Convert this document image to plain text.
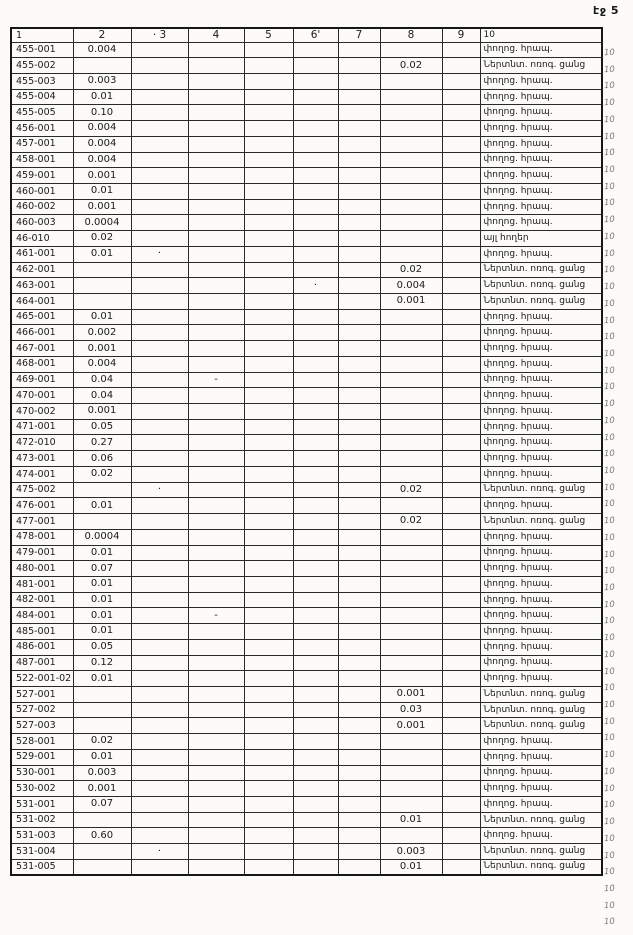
էջ 5
1	2	· 3	4	5	6'	7	8	9	10
455-001	0.004								փողոց. հրապ.
455-002							0.02		Ներտնտ. ոռոգ. ցանց
455-003	0.003								փողոց. հրապ.
455-004	0.01								փողոց. հրապ.
455-005	0.10								փողոց. հրապ.
456-001	0.004								փողոց. հրապ.
457-001	0.004								փողոց. հրապ.
458-001	0.004								փողոց. հրապ.
459-001	0.001								փողոց. հրապ.
460-001	0.01								փողոց. հրապ.
460-002	0.001								փողոց. հրապ.
460-003	0.0004								փողոց. հրապ.
46-010	0.02								այլ հողեր
461-001	0.01	·							փողոց. հրապ.
462-001							0.02		Ներտնտ. ոռոգ. ցանց
463-001					·		0.004		Ներտնտ. ոռոգ. ցանց
464-001							0.001		Ներտնտ. ոռոգ. ցանց
465-001	0.01								փողոց. հրապ.
466-001	0.002								փողոց. հրապ.
467-001	0.001								փողոց. հրապ.
468-001	0.004								փողոց. հրապ.
469-001	0.04		-						փողոց. հրապ.
470-001	0.04								փողոց. հրապ.
470-002	0.001								փողոց. հրապ.
471-001	0.05								փողոց. հրապ.
472-010	0.27								փողոց. հրապ.
473-001	0.06								փողոց. հրապ.
474-001	0.02								փողոց. հրապ.
475-002		·					0.02		Ներտնտ. ոռոգ. ցանց
476-001	0.01								փողոց. հրապ.
477-001							0.02		Ներտնտ. ոռոգ. ցանց
478-001	0.0004								փողոց. հրապ.
479-001	0.01								փողոց. հրապ.
480-001	0.07								փողոց. հրապ.
481-001	0.01								փողոց. հրապ.
482-001	0.01								փողոց. հրապ.
484-001	0.01		-						փողոց. հրապ.
485-001	0.01								փողոց. հրապ.
486-001	0.05								փողոց. հրապ.
487-001	0.12								փողոց. հրապ.
522-001-02	0.01								փողոց. հրապ.
527-001							0.001		Ներտնտ. ոռոգ. ցանց
527-002							0.03		Ներտնտ. ոռոգ. ցանց
527-003							0.001		Ներտնտ. ոռոգ. ցանց
528-001	0.02								փողոց. հրապ.
529-001	0.01								փողոց. հրապ.
530-001	0.003								փողոց. հրապ.
530-002	0.001								փողոց. հրապ.
531-001	0.07								փողոց. հրապ.
531-002							0.01		Ներտնտ. ոռոգ. ցանց
531-003	0.60								փողոց. հրապ.
531-004		·					0.003		Ներտնտ. ոռոգ. ցանց
531-005							0.01		Ներտնտ. ոռոգ. ցանց
10
10
10
10
10
10
10
10
10
10
10
10
10
10
10
10
10
10
10
10
10
10
10
10
10
10
10
10
10
10
10
10
10
10
10
10
10
10
10
10
10
10
10
10
10
10
10
10
10
10
10
10
10
